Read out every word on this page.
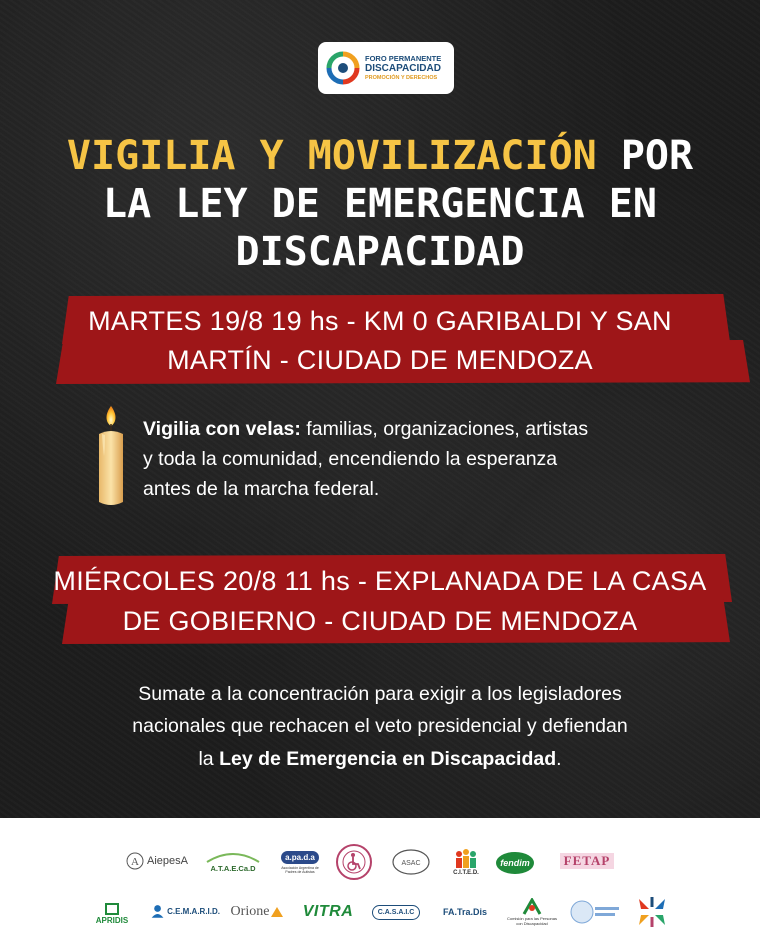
FORO PERMANENTE
DISCAPACIDAD
PROMOCIÓN Y DERECHOS
VIGILIA Y MOVILIZACIÓN POR
LA LEY DE EMERGENCIA EN
DISCAPACIDAD
MARTES 19/8 19 hs - KM 0 GARIBALDI Y SAN
MARTÍN - CIUDAD DE MENDOZA
Vigilia con velas: familias, organizaciones, artistas
y toda la comunidad, encendiendo la esperanza
antes de la marcha federal.
MIÉRCOLES 20/8 11 hs - EXPLANADA DE LA CASA
DE GOBIERNO - CIUDAD DE MENDOZA
Sumate a la concentración para exigir a los legisladores
nacionales que rechacen el veto presidencial y defiendan
la Ley de Emergencia en Discapacidad.
A AiepesA
A.T.A.E.Ca.D
a.pa.d.a
Asociación Argentina de Padres de Autistas
ASAC
C.I.T.E.D.
fendim	FETAP
APRIDIS
C.E.M.A.R.I.D. Orione VITRA	C.A.S.A.I.C	FA.Tra.Dis
Comisión para las Personas con Discapacidad
